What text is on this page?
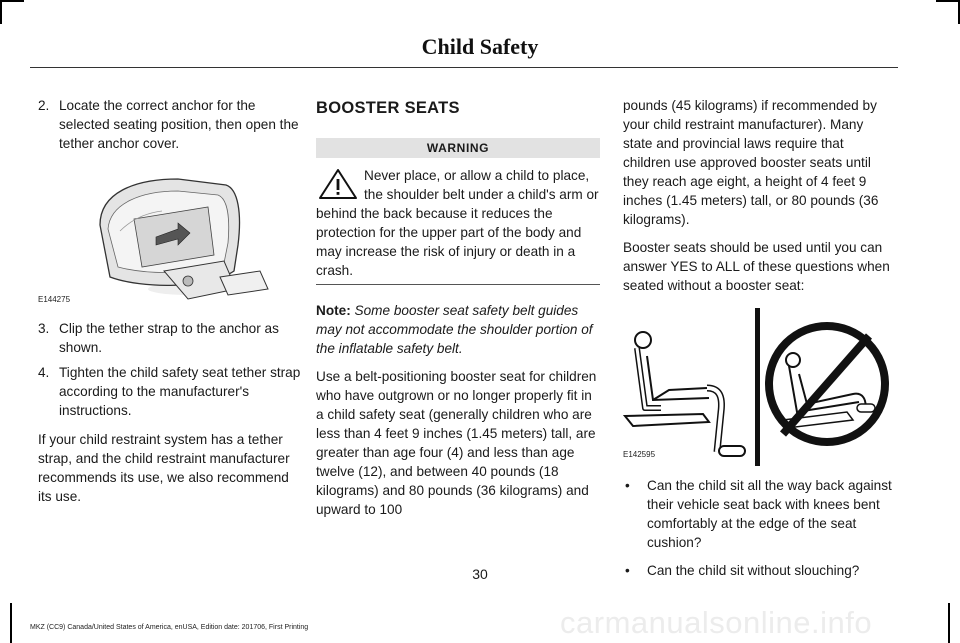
Child Safety
2. Locate the correct anchor for the selected seating position, then open the tether anchor cover.
E144275
3. Clip the tether strap to the anchor as shown.
4. Tighten the child safety seat tether strap according to the manufacturer's instructions.

If your child restraint system has a tether strap, and the child restraint manufacturer recommends its use, we also recommend its use.

BOOSTER SEATS
WARNING
Never place, or allow a child to place, the shoulder belt under a child's arm or behind the back because it reduces the protection for the upper part of the body and may increase the risk of injury or death in a crash.

Note: Some booster seat safety belt guides may not accommodate the shoulder portion of the inflatable safety belt.

Use a belt-positioning booster seat for children who have outgrown or no longer properly fit in a child safety seat (generally children who are less than 4 feet 9 inches (1.45 meters) tall, are greater than age four (4) and less than age twelve (12), and between 40 pounds (18 kilograms) and 80 pounds (36 kilograms) and upward to 100

pounds (45 kilograms) if recommended by your child restraint manufacturer). Many state and provincial laws require that children use approved booster seats until they reach age eight, a height of 4 feet 9 inches (1.45 meters) tall, or 80 pounds (36 kilograms).

Booster seats should be used until you can answer YES to ALL of these questions when seated without a booster seat:

E142595
• Can the child sit all the way back against their vehicle seat back with knees bent comfortably at the edge of the seat cushion?
• Can the child sit without slouching?
30
carmanualsonline.info
MKZ (CC9) Canada/United States of America, enUSA, Edition date: 201706, First Printing
